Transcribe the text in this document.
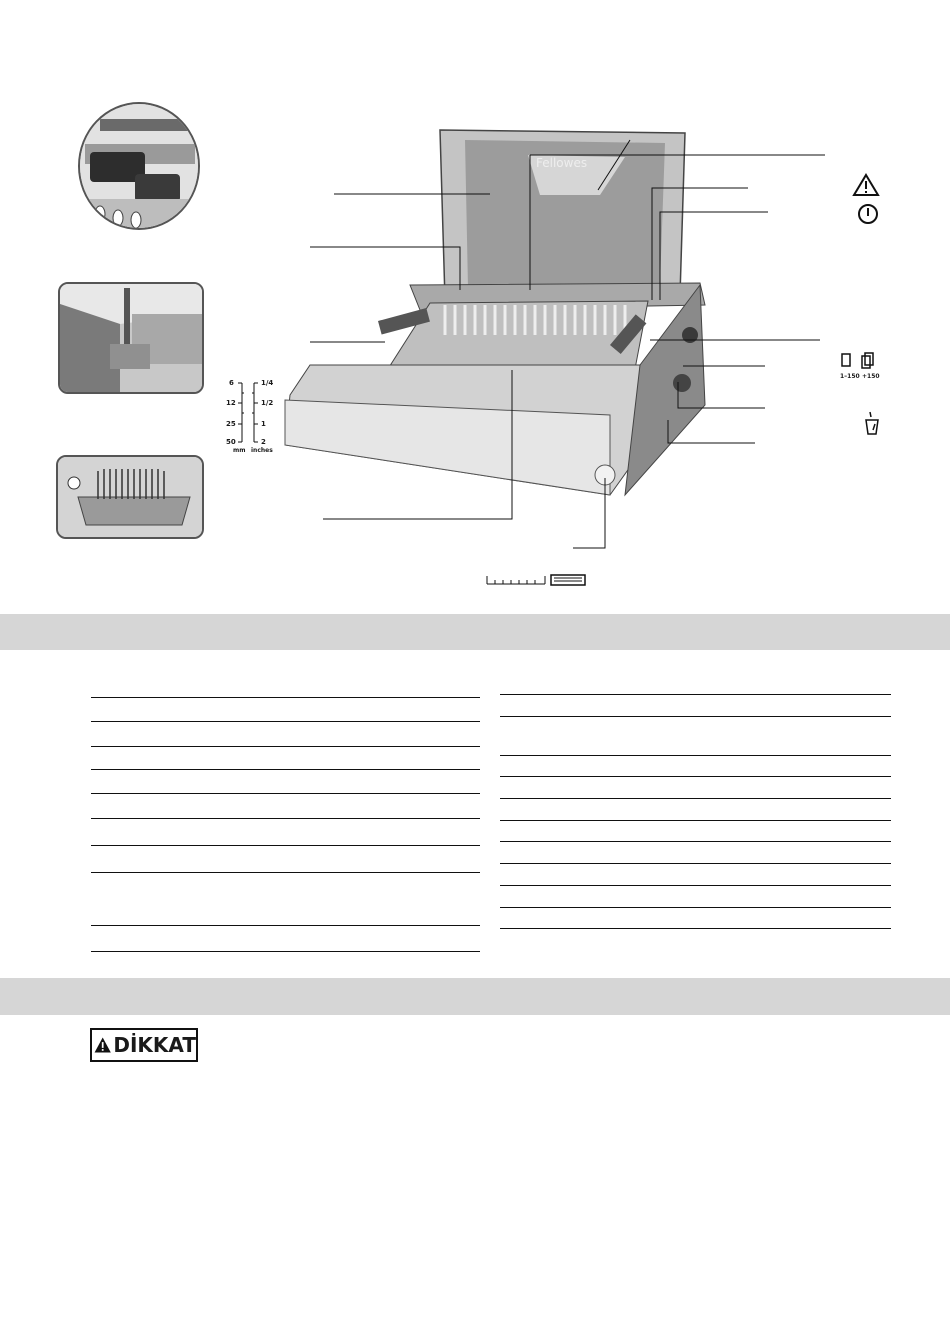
6
12
25
50
1/4
1/2
1
2
mm inches
Fellowes
1–150 +150
DİKKAT
